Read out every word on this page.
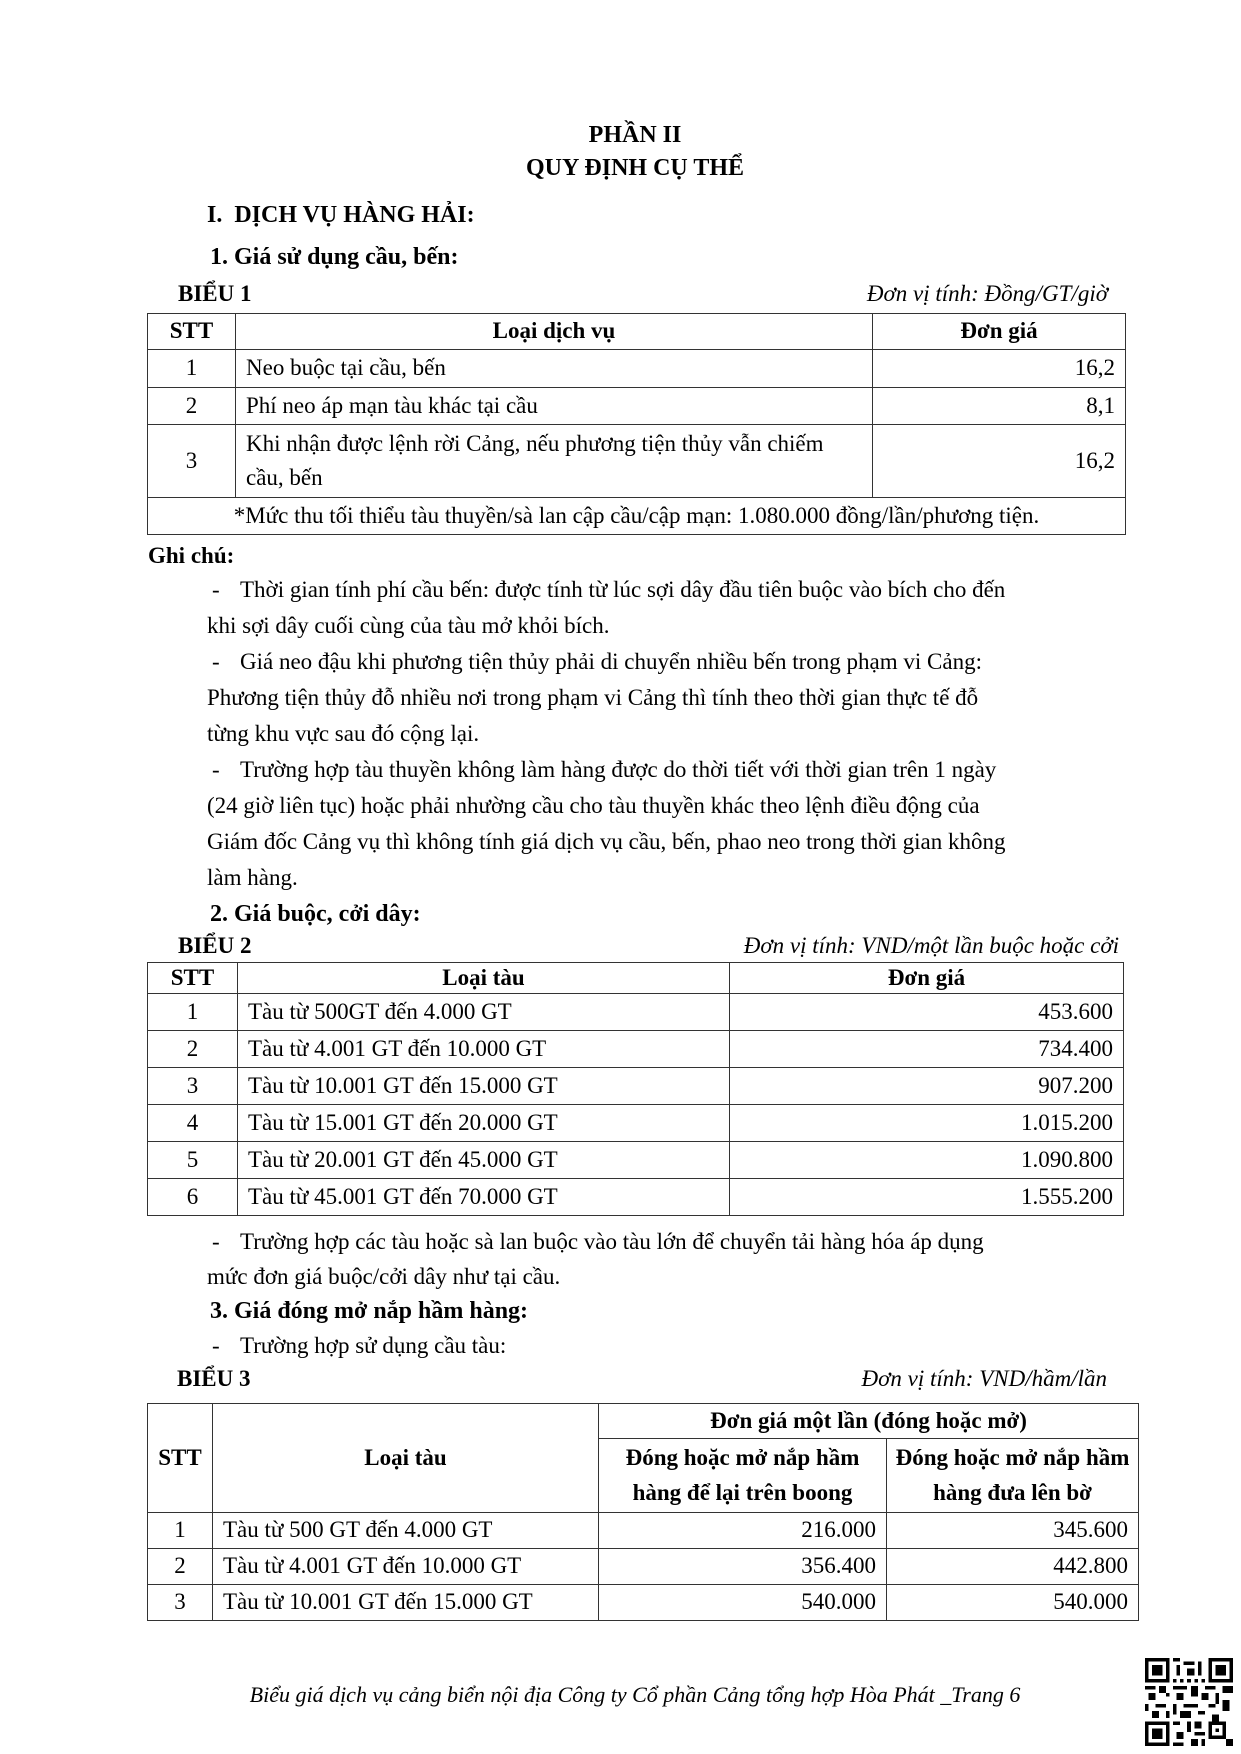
PHẦN II
QUY ĐỊNH CỤ THỂ
I.  DỊCH VỤ HÀNG HẢI:
1. Giá sử dụng cầu, bến:
BIỂU 1	Đơn vị tính: Đồng/GT/giờ
STT	Loại dịch vụ	Đơn giá
1	Neo buộc tại cầu, bến	16,2
2	Phí neo áp mạn tàu khác tại cầu	8,1
3	Khi nhận được lệnh rời Cảng, nếu phương tiện thủy vẫn chiếm cầu, bến	16,2
*Mức thu tối thiểu tàu thuyền/sà lan cập cầu/cập mạn: 1.080.000 đồng/lần/phương tiện.		
Ghi chú:
- Thời gian tính phí cầu bến: được tính từ lúc sợi dây đầu tiên buộc vào bích cho đến
khi sợi dây cuối cùng của tàu mở khỏi bích.
- Giá neo đậu khi phương tiện thủy phải di chuyển nhiều bến trong phạm vi Cảng:
Phương tiện thủy đỗ nhiều nơi trong phạm vi Cảng thì tính theo thời gian thực tế đỗ
từng khu vực sau đó cộng lại.
- Trường hợp tàu thuyền không làm hàng được do thời tiết với thời gian trên 1 ngày
(24 giờ liên tục) hoặc phải nhường cầu cho tàu thuyền khác theo lệnh điều động của
Giám đốc Cảng vụ thì không tính giá dịch vụ cầu, bến, phao neo trong thời gian không
làm hàng.
2. Giá buộc, cởi dây:
BIỂU 2	Đơn vị tính: VND/một lần buộc hoặc cởi
STT	Loại tàu	Đơn giá
1	Tàu từ 500GT đến 4.000 GT	453.600
2	Tàu từ 4.001 GT đến 10.000 GT	734.400
3	Tàu từ 10.001 GT đến 15.000 GT	907.200
4	Tàu từ 15.001 GT đến 20.000 GT	1.015.200
5	Tàu từ 20.001 GT đến 45.000 GT	1.090.800
6	Tàu từ 45.001 GT đến 70.000 GT	1.555.200
- Trường hợp các tàu hoặc sà lan buộc vào tàu lớn để chuyển tải hàng hóa áp dụng
mức đơn giá buộc/cởi dây như tại cầu.
3. Giá đóng mở nắp hầm hàng:
- Trường hợp sử dụng cầu tàu:
BIỂU 3	Đơn vị tính: VND/hầm/lần
STT	Loại tàu	Đơn giá một lần (đóng hoặc mở)	
		Đóng hoặc mở nắp hầm hàng để lại trên boong	Đóng hoặc mở nắp hầm hàng đưa lên bờ
1	Tàu từ 500 GT đến 4.000 GT	216.000	345.600
2	Tàu từ 4.001 GT đến 10.000 GT	356.400	442.800
3	Tàu từ 10.001 GT đến 15.000 GT	540.000	540.000
Biểu giá dịch vụ cảng biển nội địa Công ty Cổ phần Cảng tổng hợp Hòa Phát _Trang 6
